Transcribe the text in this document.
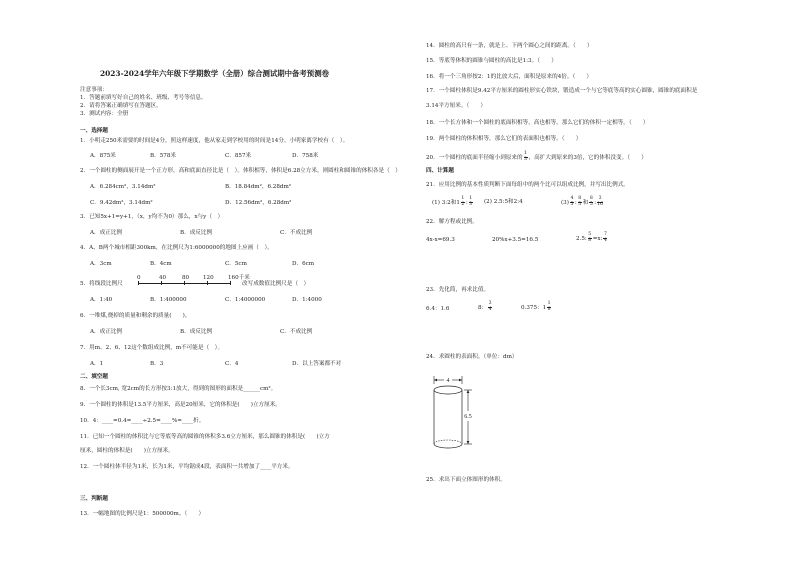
2023-2024学年六年级下学期数学（全册）综合测试期中备考预测卷
注意事项：
1．答题前填写好自己的姓名、班级、考号等信息。
2．请将答案正确填写在答题区。
3．测试内容：全册
一、选择题
1．小明走250米需要的时间是4分。照这样速度，他从家走到学校用的时间是14分。小明家离学校有（　）。
A．875米	B．578米	C．857米	D．758米
2．一个圆柱的侧面展开是一个正方形，高和底面直径比是（　）。体积相等，体积是6.28立方米，则圆柱和圆锥的体积各是（　）
A．6.284cm²，3.14dm²	B．18.84dm²，6.28dm²
C．9.42dm²，3.14dm²	D．12.56dm²，6.28dm²
3．已知5x+1=y+1，（x，y均不为0）那么，x与y（　）
A．成正比例	B．成反比例	C．不成比例
4．A、B两个城市相距300km，在比例尺为1:6000000的地图上应画（　）。
A．3cm	B．4cm	C．5cm	D．6cm
5．将线段比例尺
0	40	80 120	160千米
改写成数值比例尺是（　）
A．1:40	B．1:400000	C．1:4000000	D．1:4000
6．一堆煤,烧掉的质量和剩余的质量(　　)。
A．成正比例	B．成反比例	C．不成比例
7．用m、2、6、12这个数组成比例，m不可能是（　）。
A．1	B．3	C．4	D．以上答案都不对
二、填空题
8．一个长3cm, 宽2cm的长方形按3:1放大，得到的图形的面积是______cm²。
9．一个圆柱的体积是13.5平方厘米，高是20厘米，它的体积是(　　)立方厘米。
10．4：____=0.4=____÷2.5=____%=____折。
11．已知一个圆柱的体积比与它等底等高的圆锥的体积多3.6立方厘米，那么圆锥的体积是(　　)立方
厘米，圆柱的体积是(　　)立方厘米。
12．一个圆柱体半径为1米，长为1米，平均锯成4段，表面积一共增加了____平方米。
三、判断题
13．一幅地图的比例尺是1：500000m。（　　）
14．圆柱的高只有一条，就是上、下两个圆心之间的距离。（　　）
15．等底等体积的圆锥与圆柱的高比是1:3。（　　）
16．将一个三角形按2：1的比放大后，面积是原来的4倍。（　　）
17．一个圆柱体积是9.42平方厘米的圆柱形实心铁块，锻造成一个与它等底等高的实心圆锥，圆锥的底面积是
3.14平方厘米。（　　）
18．一个长方体和一个圆柱的底面积相等，高也相等，那么它们的体积一定相等。（　　）
19．两个圆柱的体积相等，那么它们的表面积也相等。（　　）
20．一个圆柱的底面半径缩小到原来的 $\frac{1}{3}$ ，高扩大到原来的3倍，它的体积没变。（　　）
四、计算题
21．应用比例的基本性质判断下面每组中的两个比可以组成比例，并写出比例式。
(1) 3:2和$1 \frac{1}{2}$ : $\frac{1}{3} (2)$ 2.5:5和2:4	$(3) \frac{4}{5}$ : $\frac{8}{5}$ 和 $\frac{8}{5}$ : $\frac{3}{16}$
22．解方程或比例。
4x-x=69.3	20%x+3.5=16.5	2.5: $\frac{5}{8} =x$: $\frac{7}{4}$
23．先化简，再求比值。
6.4：1.6	8： $\frac{3}{4}$	0.375：$1 \frac{1}{8}$
24．求圆柱的表面积。（单位：dm）
4
6.5
25．求出下面立体图形的体积。
